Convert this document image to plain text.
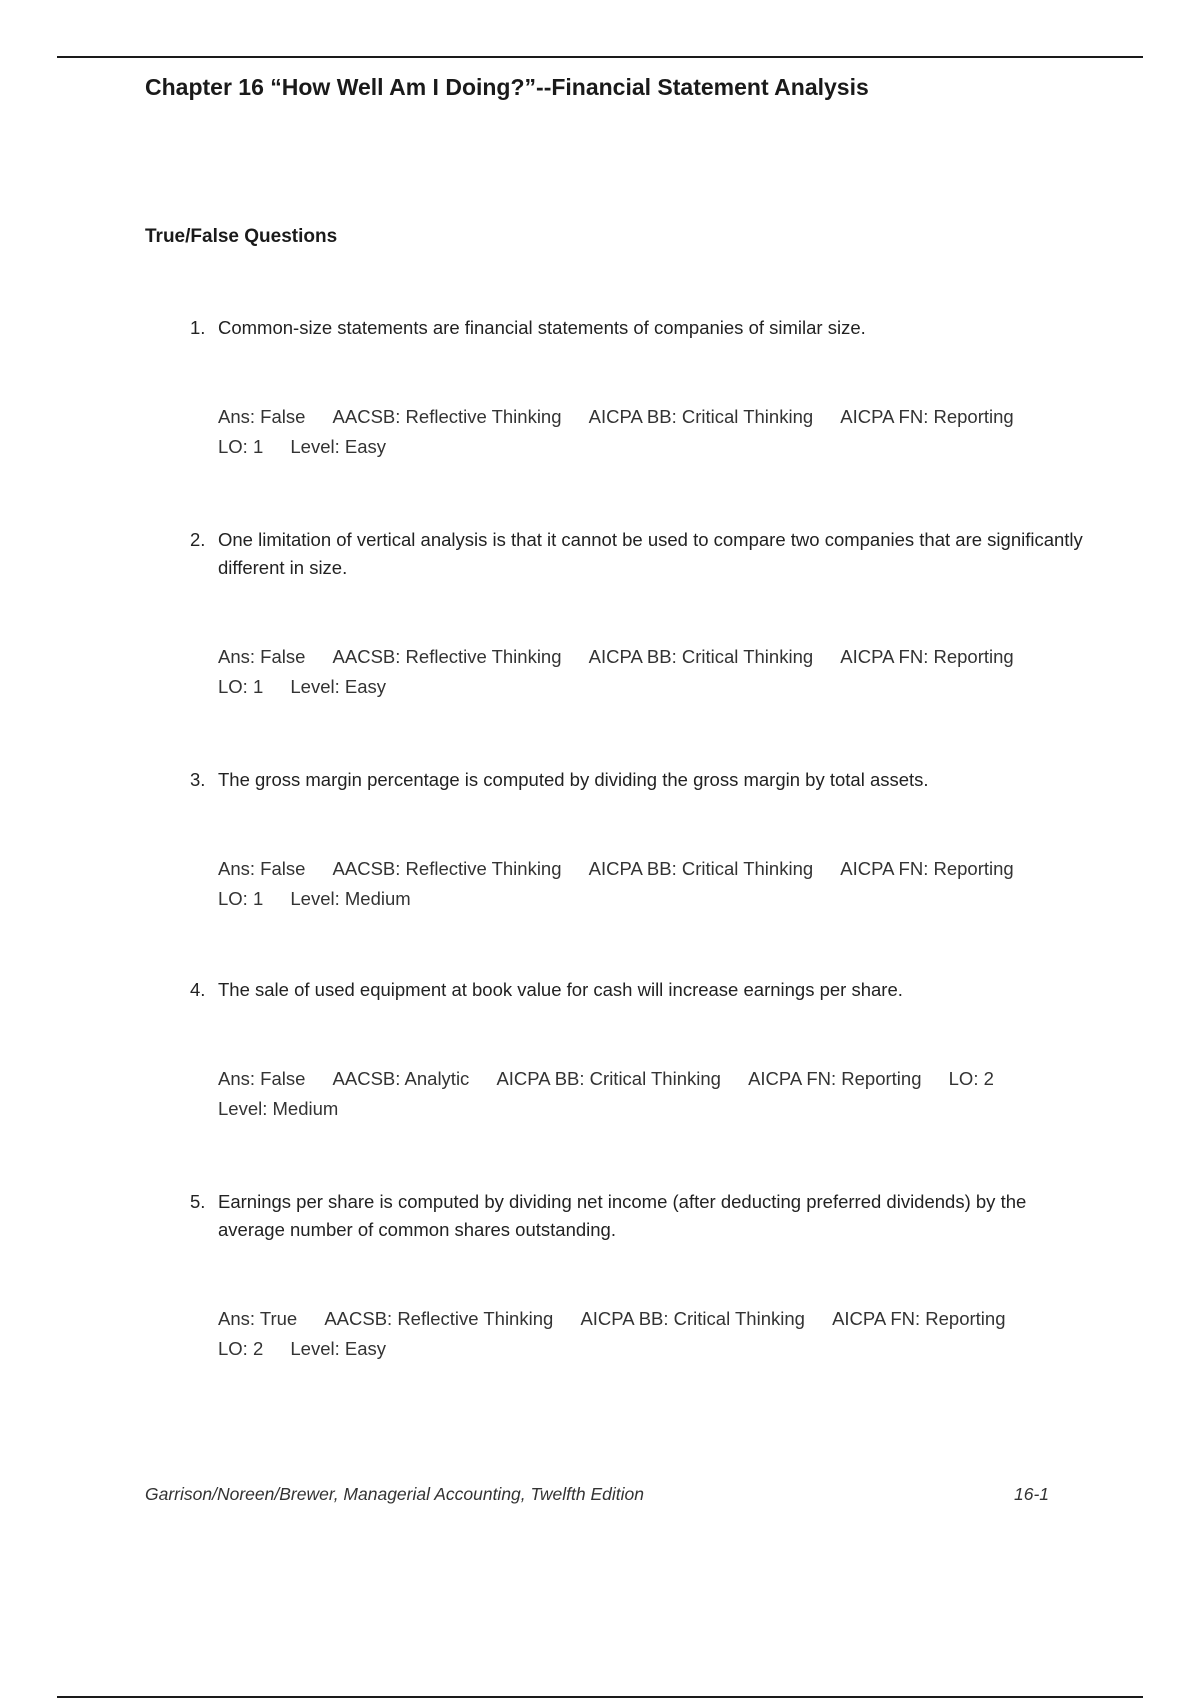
Chapter 16 “How Well Am I Doing?”--Financial Statement Analysis
True/False Questions
1. Common-size statements are financial statements of companies of similar size.
Ans: False AACSB: Reflective Thinking AICPA BB: Critical Thinking AICPA FN: Reporting
LO: 1 Level: Easy
2. One limitation of vertical analysis is that it cannot be used to compare two companies that are significantly different in size.
Ans: False AACSB: Reflective Thinking AICPA BB: Critical Thinking AICPA FN: Reporting
LO: 1 Level: Easy
3. The gross margin percentage is computed by dividing the gross margin by total assets.
Ans: False AACSB: Reflective Thinking AICPA BB: Critical Thinking AICPA FN: Reporting
LO: 1 Level: Medium
4. The sale of used equipment at book value for cash will increase earnings per share.
Ans: False AACSB: Analytic AICPA BB: Critical Thinking AICPA FN: Reporting LO: 2
Level: Medium
5. Earnings per share is computed by dividing net income (after deducting preferred dividends) by the average number of common shares outstanding.
Ans: True AACSB: Reflective Thinking AICPA BB: Critical Thinking AICPA FN: Reporting
LO: 2 Level: Easy
Garrison/Noreen/Brewer, Managerial Accounting, Twelfth Edition	16-1
